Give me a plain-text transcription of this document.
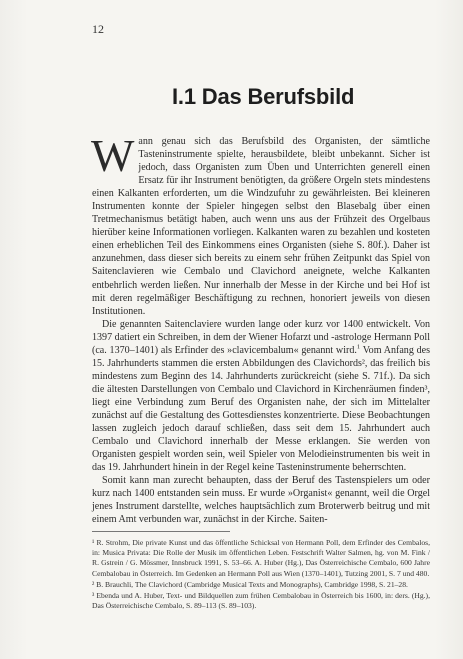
12
I.1 Das Berufsbild

Wann genau sich das Berufsbild des Organisten, der sämtliche Tasteninstrumente spielte, herausbildete, bleibt unbekannt. Sicher ist jedoch, dass Organisten zum Üben und Unterrichten generell einen Ersatz für ihr Instrument benötigten, da größere Orgeln stets mindestens einen Kalkanten erforderten, um die Windzufuhr zu gewährleisten. Bei kleineren Instrumenten konnte der Spieler hingegen selbst den Blasebalg über einen Tretmechanismus betätigt haben, auch wenn uns aus der Frühzeit des Orgelbaus hierüber keine Informationen vorliegen. Kalkanten waren zu bezahlen und kosteten einen erheblichen Teil des Einkommens eines Organisten (siehe S. 80f.). Daher ist anzunehmen, dass dieser sich bereits zu einem sehr frühen Zeitpunkt das Spiel von Saitenclavieren wie Cembalo und Clavichord aneignete, welche Kalkanten entbehrlich werden ließen. Nur innerhalb der Messe in der Kirche und bei Hof ist mit deren regelmäßiger Beschäftigung zu rechnen, honoriert jeweils von diesen Institutionen.

Die genannten Saitenclaviere wurden lange oder kurz vor 1400 entwickelt. Von 1397 datiert ein Schreiben, in dem der Wiener Hofarzt und -astrologe Hermann Poll (ca. 1370–1401) als Erfinder des »clavicembalum« genannt wird.$^1$ Vom Anfang des 15. Jahrhunderts stammen die ersten Abbildungen des Clavichords², das freilich bis mindestens zum Beginn des 14. Jahrhunderts zurückreicht (siehe S. 71f.). Da sich die ältesten Darstellungen von Cembalo und Clavichord in Kirchenräumen finden³, liegt eine Verbindung zum Beruf des Organisten nahe, der sich im Mittelalter zunächst auf die Gestaltung des Gottesdienstes konzentrierte. Diese Beobachtungen lassen zugleich jedoch darauf schließen, dass seit dem 15. Jahrhundert auch Cembalo und Clavichord innerhalb der Messe erklangen. Sie werden von Organisten gespielt worden sein, weil Spieler von Melodieinstrumenten bis weit in das 19. Jahrhundert hinein in der Regel keine Tasteninstrumente beherrschten.

Somit kann man zurecht behaupten, dass der Beruf des Tastenspielers um oder kurz nach 1400 entstanden sein muss. Er wurde »Organist« genannt, weil die Orgel jenes Instrument darstellte, welches hauptsächlich zum Broterwerb beitrug und mit einem Amt verbunden war, zunächst in der Kirche. Saiten-

¹ R. Strohm, Die private Kunst und das öffentliche Schicksal von Hermann Poll, dem Erfinder des Cembalos, in: Musica Privata: Die Rolle der Musik im öffentlichen Leben. Festschrift Walter Salmen, hg. von M. Fink / R. Gstrein / G. Mössmer, Innsbruck 1991, S. 53–66. A. Huber (Hg.), Das Österreichische Cembalo, 600 Jahre Cembalobau in Österreich. Im Gedenken an Hermann Poll aus Wien (1370–1401), Tutzing 2001, S. 7 und 480.

² B. Brauchli, The Clavichord (Cambridge Musical Texts and Monographs), Cambridge 1998, S. 21–28.

³ Ebenda und A. Huber, Text- und Bildquellen zum frühen Cembalobau in Österreich bis 1600, in: ders. (Hg.), Das Österreichische Cembalo, S. 89–113 (S. 89–103).
